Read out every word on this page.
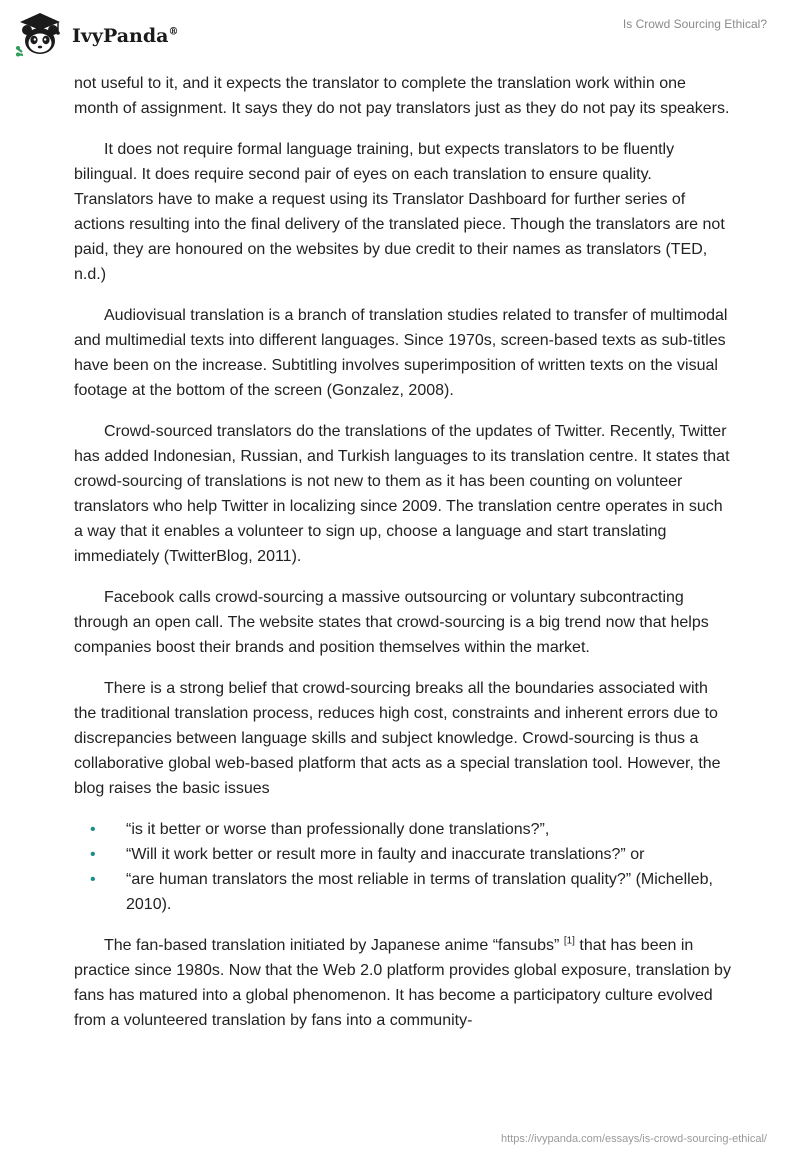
IvyPanda®
Is Crowd Sourcing Ethical?

not useful to it, and it expects the translator to complete the translation work within one month of assignment. It says they do not pay translators just as they do not pay its speakers.

It does not require formal language training, but expects translators to be fluently bilingual. It does require second pair of eyes on each translation to ensure quality. Translators have to make a request using its Translator Dashboard for further series of actions resulting into the final delivery of the translated piece. Though the translators are not paid, they are honoured on the websites by due credit to their names as translators (TED, n.d.)

Audiovisual translation is a branch of translation studies related to transfer of multimodal and multimedial texts into different languages. Since 1970s, screen-based texts as sub-titles have been on the increase. Subtitling involves superimposition of written texts on the visual footage at the bottom of the screen (Gonzalez, 2008).

Crowd-sourced translators do the translations of the updates of Twitter. Recently, Twitter has added Indonesian, Russian, and Turkish languages to its translation centre. It states that crowd-sourcing of translations is not new to them as it has been counting on volunteer translators who help Twitter in localizing since 2009. The translation centre operates in such a way that it enables a volunteer to sign up, choose a language and start translating immediately (TwitterBlog, 2011).

Facebook calls crowd-sourcing a massive outsourcing or voluntary subcontracting through an open call. The website states that crowd-sourcing is a big trend now that helps companies boost their brands and position themselves within the market.

There is a strong belief that crowd-sourcing breaks all the boundaries associated with the traditional translation process, reduces high cost, constraints and inherent errors due to discrepancies between language skills and subject knowledge. Crowd-sourcing is thus a collaborative global web-based platform that acts as a special translation tool. However, the blog raises the basic issues

• “is it better or worse than professionally done translations?”,
• “Will it work better or result more in faulty and inaccurate translations?” or
• “are human translators the most reliable in terms of translation quality?” (Michelleb, 2010).

The fan-based translation initiated by Japanese anime “fansubs” [1] that has been in practice since 1980s. Now that the Web 2.0 platform provides global exposure, translation by fans has matured into a global phenomenon. It has become a participatory culture evolved from a volunteered translation by fans into a community-

https://ivypanda.com/essays/is-crowd-sourcing-ethical/
